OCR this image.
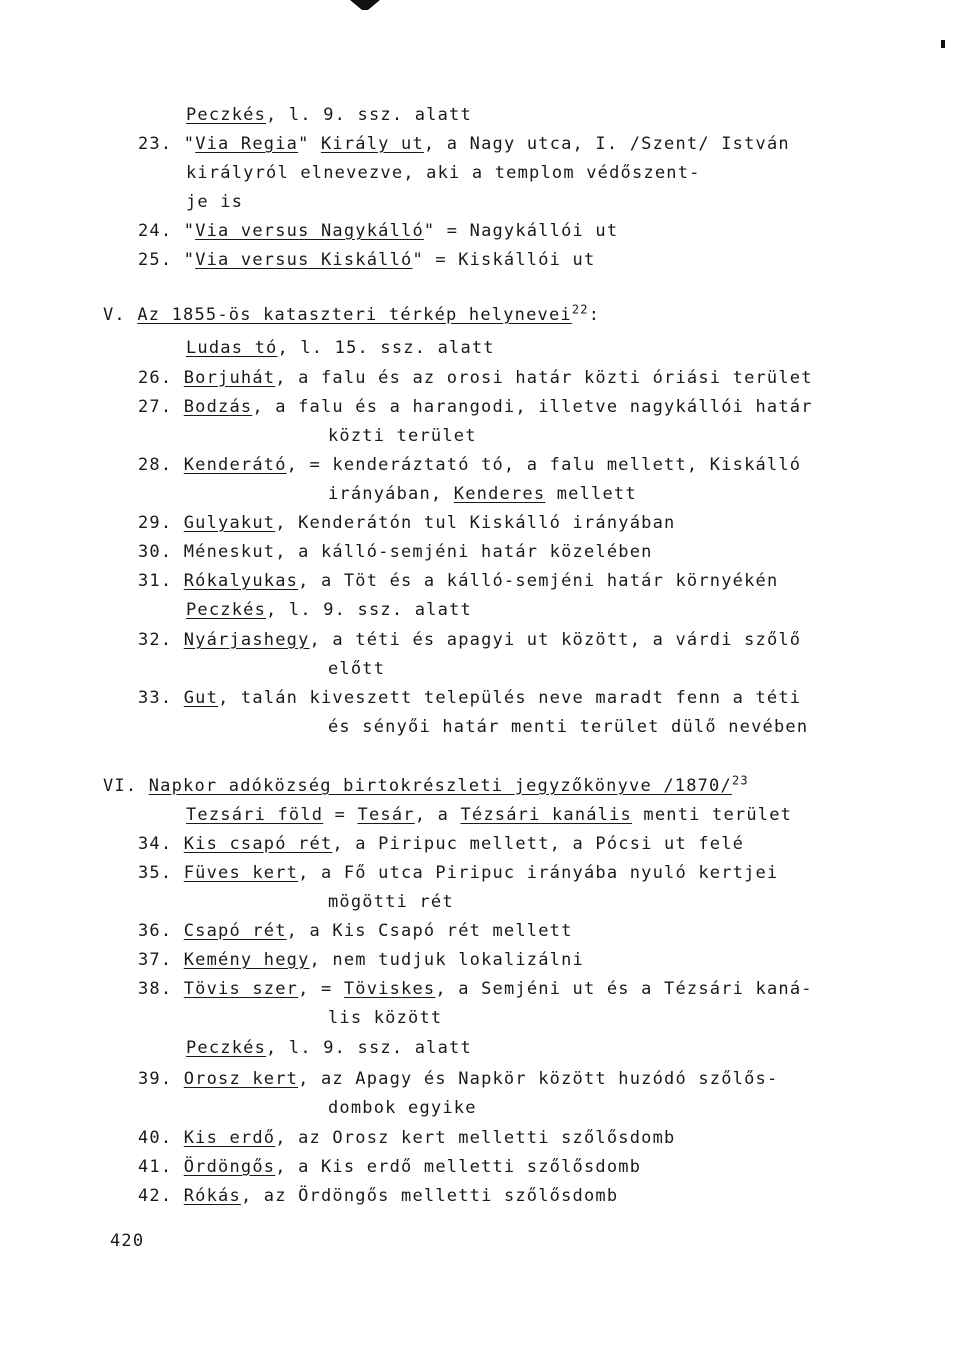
Peczkés, l. 9. ssz. alatt
23. "Via Regia" Király ut, a Nagy utca, I. /Szent/ István
királyról elnevezve, aki a templom védőszent-
je is
24. "Via versus Nagykálló" = Nagykállói ut
25. "Via versus Kiskálló" = Kiskállói ut
V. Az 1855-ös kataszteri térkép helynevei$^{22}$:
Ludas tó, l. 15. ssz. alatt
26. Borjuhát, a falu és az orosi határ közti óriási terület
27. Bodzás, a falu és a harangodi, illetve nagykállói határ
közti terület
28. Kenderátó, = kenderáztató tó, a falu mellett, Kiskálló
irányában, Kenderes mellett
29. Gulyakut, Kenderátón tul Kiskálló irányában
30. Méneskut, a kálló-semjéni határ közelében
31. Rókalyukas, a Töt és a kálló-semjéni határ környékén
Peczkés, l. 9. ssz. alatt
32. Nyárjashegy, a téti és apagyi ut között, a várdi szőlő
előtt
33. Gut, talán kiveszett település neve maradt fenn a téti
és sényői határ menti terület dülő nevében
VI. Napkor adóközség birtokrészleti jegyzőkönyve /1870/$^{23}$
Tezsári föld = Tesár, a Tézsári kanális menti terület
34. Kis csapó rét, a Piripuc mellett, a Pócsi ut felé
35. Füves kert, a Fő utca Piripuc irányába nyuló kertjei
mögötti rét
36. Csapó rét, a Kis Csapó rét mellett
37. Kemény hegy, nem tudjuk lokalizálni
38. Tövis szer, = Töviskes, a Semjéni ut és a Tézsári kaná-
lis között
Peczkés, l. 9. ssz. alatt
39. Orosz kert, az Apagy és Napkör között huzódó szőlős-
dombok egyike
40. Kis erdő, az Orosz kert melletti szőlősdomb
41. Ördöngős, a Kis erdő melletti szőlősdomb
42. Rókás, az Ördöngős melletti szőlősdomb
420
